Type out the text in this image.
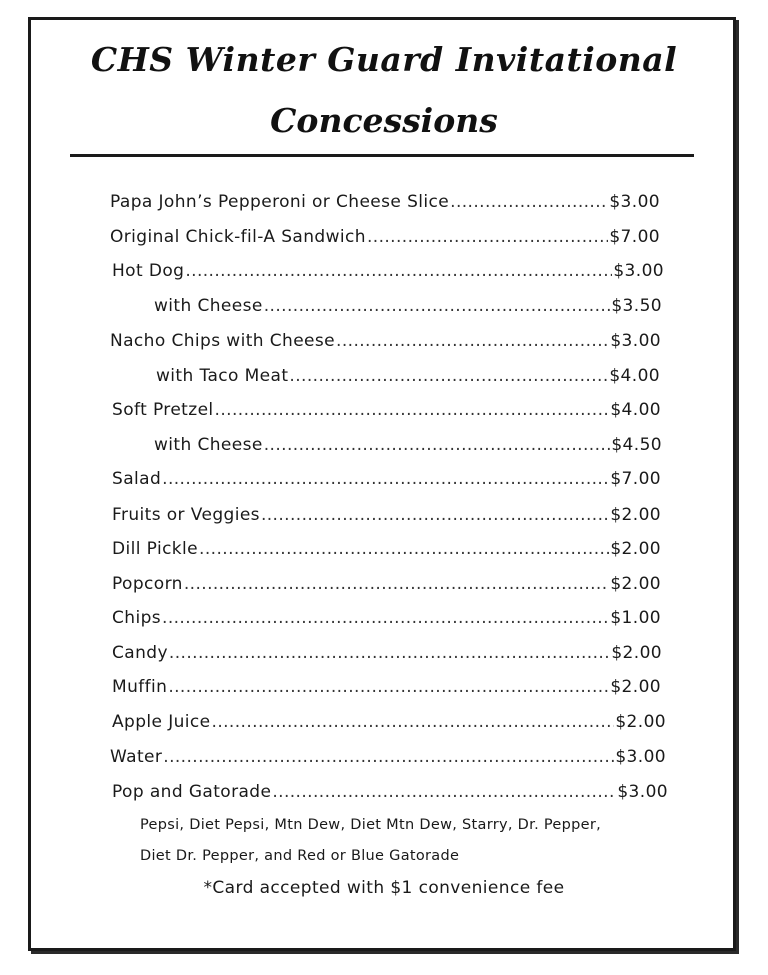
CHS Winter Guard Invitational
Concessions
Papa John’s Pepperoni or Cheese Slice .....	$3.00
Original Chick-fil-A Sandwich .....	$7.00
Hot Dog .....	$3.00
with Cheese .....	$3.50
Nacho Chips with Cheese .....	$3.00
with Taco Meat .....	$4.00
Soft Pretzel .....	$4.00
with Cheese .....	$4.50
Salad .....	$7.00
Fruits or Veggies .....	$2.00
Dill Pickle .....	$2.00
Popcorn .....	$2.00
Chips .....	$1.00
Candy .....	$2.00
Muffin .....	$2.00
Apple Juice .....	$2.00
Water .....	$3.00
Pop and Gatorade .....	$3.00
Pepsi, Diet Pepsi, Mtn Dew, Diet Mtn Dew, Starry, Dr. Pepper,
Diet Dr. Pepper, and Red or Blue Gatorade
*Card accepted with $1 convenience fee
